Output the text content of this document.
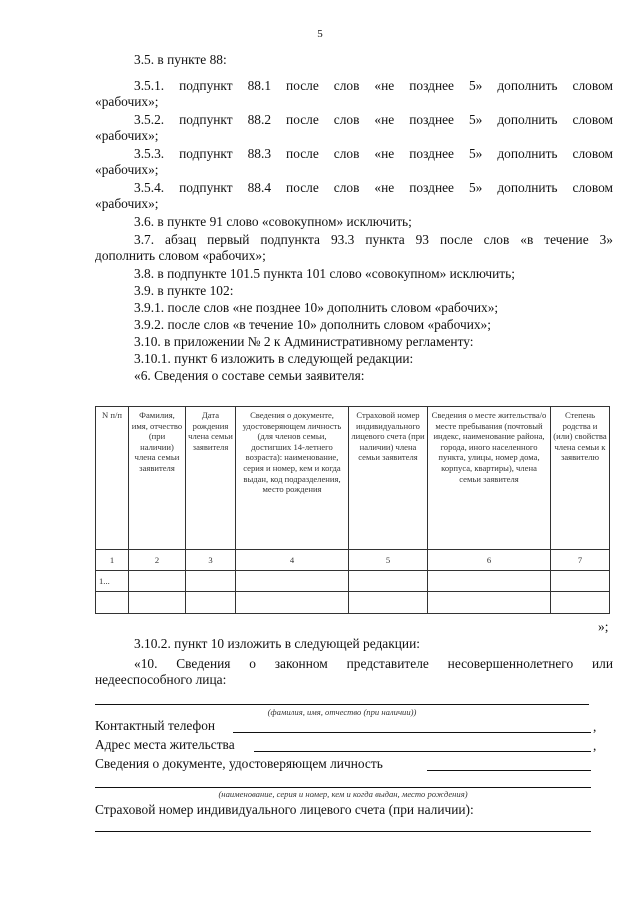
5
3.5. в пункте 88:
3.5.1. подпункт 88.1 после слов «не позднее 5» дополнить словом
«рабочих»;
3.5.2. подпункт 88.2 после слов «не позднее 5» дополнить словом
«рабочих»;
3.5.3. подпункт 88.3 после слов «не позднее 5» дополнить словом
«рабочих»;
3.5.4. подпункт 88.4 после слов «не позднее 5» дополнить словом
«рабочих»;
3.6. в пункте 91 слово «совокупном» исключить;
3.7. абзац первый подпункта 93.3 пункта 93 после слов «в течение 3»
дополнить словом «рабочих»;
3.8. в подпункте 101.5 пункта 101 слово «совокупном» исключить;
3.9. в пункте 102:
3.9.1. после слов «не позднее 10» дополнить словом «рабочих»;
3.9.2. после слов «в течение 10» дополнить словом «рабочих»;
3.10. в приложении № 2 к Административному регламенту:
3.10.1. пункт 6 изложить в следующей редакции:
«6. Сведения о составе семьи заявителя:
N п/п	Фамилия, имя, отчество (при наличии) члена семьи заявителя	Дата рождения члена семьи заявителя	Сведения о документе, удостоверяющем личность (для членов семьи, достигших 14-летнего возраста): наименование, серия и номер, кем и когда выдан, код подразделения, место рождения	Страховой номер индивидуального лицевого счета (при наличии) члена семьи заявителя	Сведения о месте жительства/о месте пребывания (почтовый индекс, наименование района, города, иного населенного пункта, улицы, номер дома, корпуса, квартиры), члена семьи заявителя	Степень родства и (или) свойства члена семьи к заявителю
1	2	3	4	5	6	7
1...						

»;
3.10.2. пункт 10 изложить в следующей редакции:
«10. Сведения о законном представителе несовершеннолетнего или
недееспособного лица:
(фамилия, имя, отчество (при наличии))
Контактный телефон	,
Адрес места жительства	,
Сведения о документе, удостоверяющем личность
(наименование, серия и номер, кем и когда выдан, место рождения)
Страховой номер индивидуального лицевого счета (при наличии):
